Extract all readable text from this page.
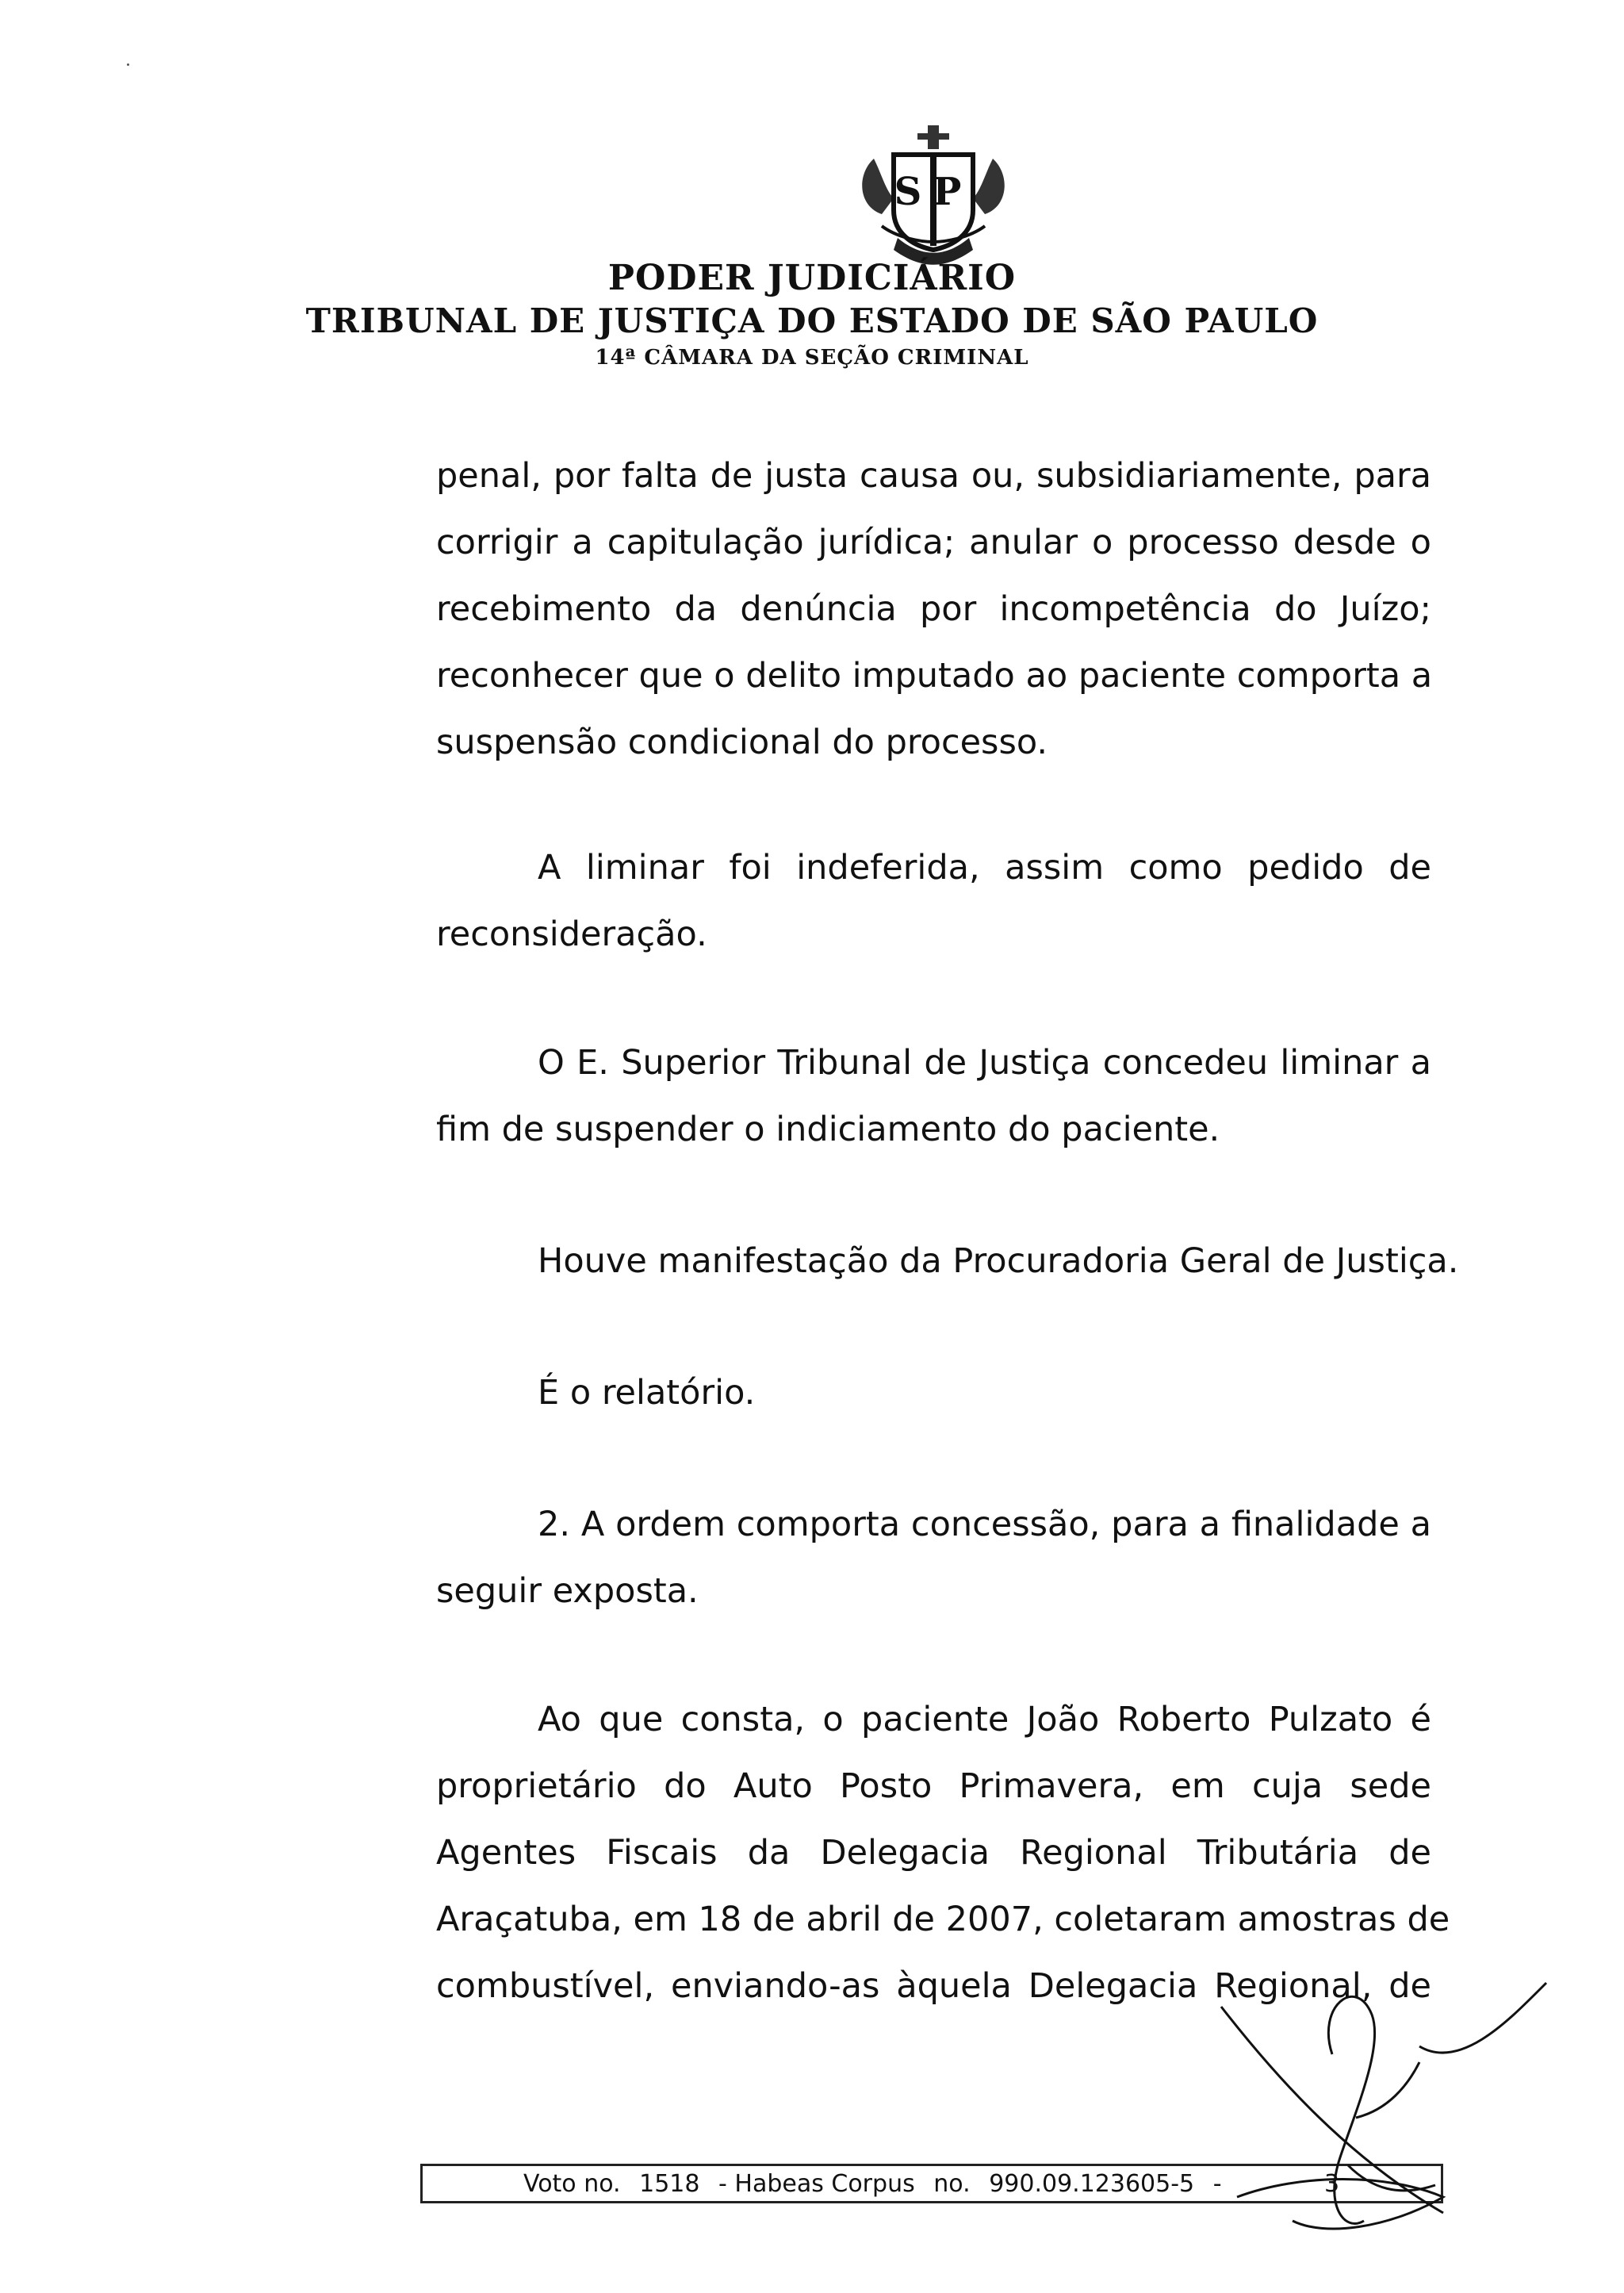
SP
PODER JUDICIÁRIO
TRIBUNAL DE JUSTIÇA DO ESTADO DE SÃO PAULO
14ª CÂMARA DA SEÇÃO CRIMINAL
penal, por falta de justa causa ou, subsidiariamente, para
corrigir a capitulação jurídica; anular o processo desde o
recebimento da denúncia por incompetência do Juízo;
reconhecer que o delito imputado ao paciente comporta a
suspensão condicional do processo.
A liminar foi indeferida, assim como pedido de
reconsideração.
O E. Superior Tribunal de Justiça concedeu liminar a
fim de suspender o indiciamento do paciente.
Houve manifestação da Procuradoria Geral de Justiça.
É o relatório.
2. A ordem comporta concessão, para a finalidade a
seguir exposta.
Ao que consta, o paciente João Roberto Pulzato é
proprietário do Auto Posto Primavera, em cuja sede
Agentes Fiscais da Delegacia Regional Tributária de
Araçatuba, em 18 de abril de 2007, coletaram amostras de
combustível, enviando-as àquela Delegacia Regional, de
Voto no. 1518 - Habeas Corpus no. 990.09.123605-5 -	3
